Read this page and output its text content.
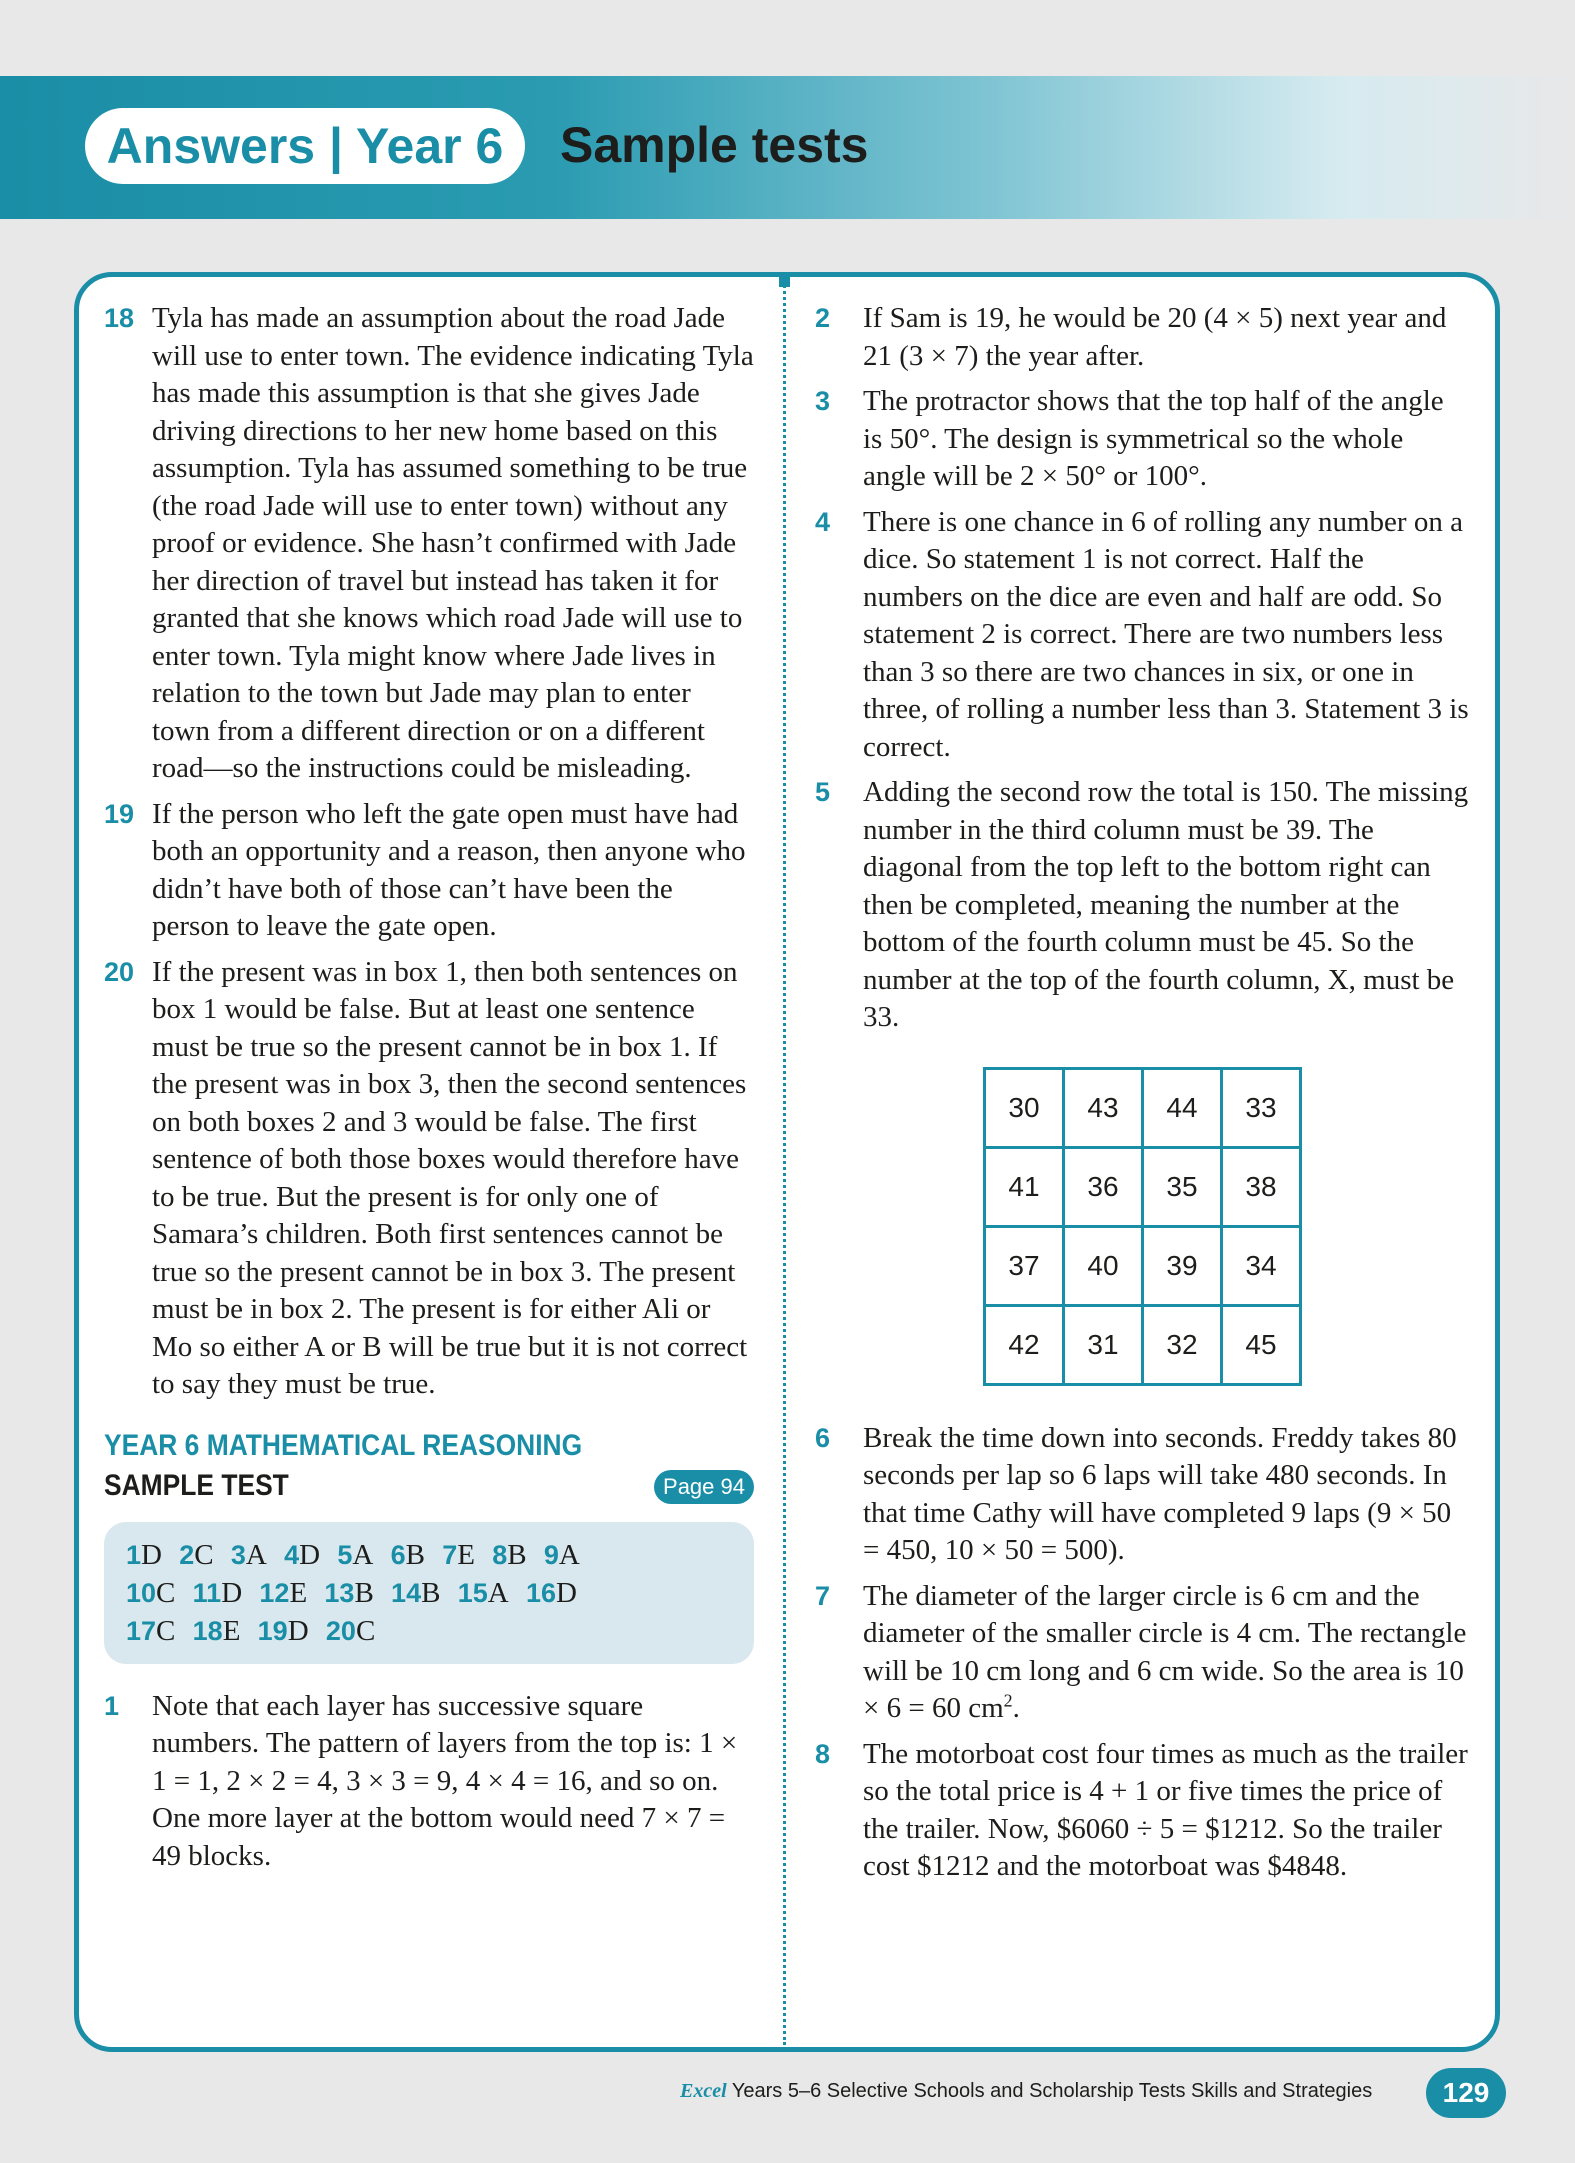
Answers | Year 6 Sample tests
18 Tyla has made an assumption about the road Jade will use to enter town. The evidence indicating Tyla has made this assumption is that she gives Jade driving directions to her new home based on this assumption. Tyla has assumed something to be true (the road Jade will use to enter town) without any proof or evidence. She hasn’t confirmed with Jade her direction of travel but instead has taken it for granted that she knows which road Jade will use to enter town. Tyla might know where Jade lives in relation to the town but Jade may plan to enter town from a different direction or on a different road—so the instructions could be misleading.
19 If the person who left the gate open must have had both an opportunity and a reason, then anyone who didn’t have both of those can’t have been the person to leave the gate open.
20 If the present was in box 1, then both sentences on box 1 would be false. But at least one sentence must be true so the present cannot be in box 1. If the present was in box 3, then the second sentences on both boxes 2 and 3 would be false. The first sentence of both those boxes would therefore have to be true. But the present is for only one of Samara’s children. Both first sentences cannot be true so the present cannot be in box 3. The present must be in box 2. The present is for either Ali or Mo so either A or B will be true but it is not correct to say they must be true.
YEAR 6 MATHEMATICAL REASONING
SAMPLE TEST	Page 94
1D 2C 3A 4D 5A 6B 7E 8B 9A
10C 11D 12E 13B 14B 15A 16D
17C 18E 19D 20C
1 Note that each layer has successive square numbers. The pattern of layers from the top is: 1 × 1 = 1, 2 × 2 = 4, 3 × 3 = 9, 4 × 4 = 16, and so on. One more layer at the bottom would need 7 × 7 = 49 blocks.
2 If Sam is 19, he would be 20 (4 × 5) next year and 21 (3 × 7) the year after.
3 The protractor shows that the top half of the angle is 50°. The design is symmetrical so the whole angle will be 2 × 50° or 100°.
4 There is one chance in 6 of rolling any number on a dice. So statement 1 is not correct. Half the numbers on the dice are even and half are odd. So statement 2 is correct. There are two numbers less than 3 so there are two chances in six, or one in three, of rolling a number less than 3. Statement 3 is correct.
5 Adding the second row the total is 150. The missing number in the third column must be 39. The diagonal from the top left to the bottom right can then be completed, meaning the number at the bottom of the fourth column must be 45. So the number at the top of the fourth column, X, must be 33.
30	43	44	33
41	36	35	38
37	40	39	34
42	31	32	45
6 Break the time down into seconds. Freddy takes 80 seconds per lap so 6 laps will take 480 seconds. In that time Cathy will have completed 9 laps (9 × 50 = 450, 10 × 50 = 500).
7 The diameter of the larger circle is 6 cm and the diameter of the smaller circle is 4 cm. The rectangle will be 10 cm long and 6 cm wide. So the area is 10 × 6 = 60 $cm^2$.
8 The motorboat cost four times as much as the trailer so the total price is 4 + 1 or five times the price of the trailer. Now, $6060 ÷ 5 = $1212. So the trailer cost $1212 and the motorboat was $4848.
Excel Years 5–6 Selective Schools and Scholarship Tests Skills and Strategies	129
